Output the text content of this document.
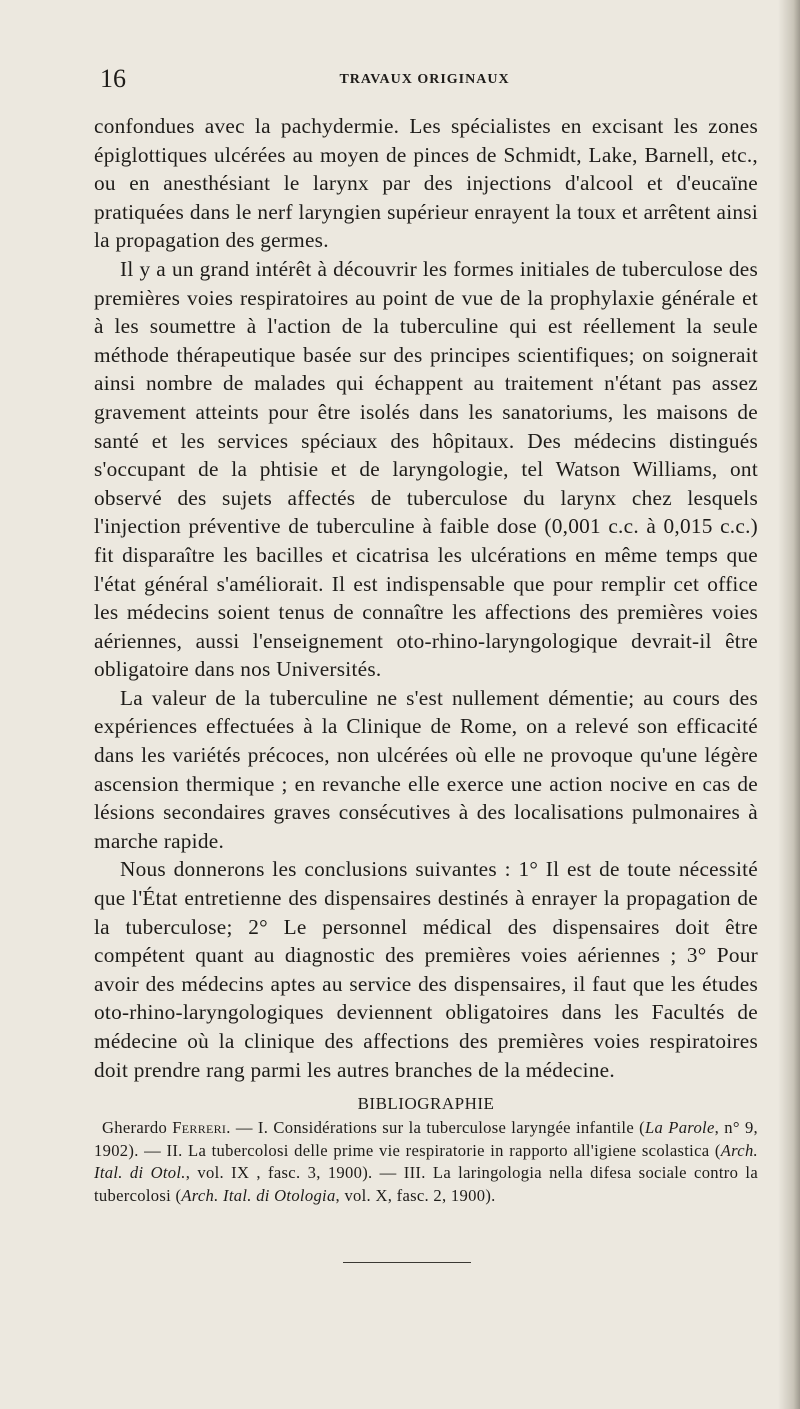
16	TRAVAUX ORIGINAUX

confondues avec la pachydermie. Les spécialistes en excisant les zones épiglottiques ulcérées au moyen de pinces de Schmidt, Lake, Barnell, etc., ou en anesthésiant le larynx par des injections d'alcool et d'eucaïne pratiquées dans le nerf laryngien supérieur enrayent la toux et arrêtent ainsi la propagation des germes.

Il y a un grand intérêt à découvrir les formes initiales de tuberculose des premières voies respiratoires au point de vue de la prophylaxie générale et à les soumettre à l'action de la tuberculine qui est réellement la seule méthode thérapeutique basée sur des principes scientifiques; on soignerait ainsi nombre de malades qui échappent au traitement n'étant pas assez gravement atteints pour être isolés dans les sanatoriums, les maisons de santé et les services spéciaux des hôpitaux. Des médecins distingués s'occupant de la phtisie et de laryngologie, tel Watson Williams, ont observé des sujets affectés de tuberculose du larynx chez lesquels l'injection préventive de tuberculine à faible dose (0,001 c.c. à 0,015 c.c.) fit disparaître les bacilles et cicatrisa les ulcérations en même temps que l'état général s'améliorait. Il est indispensable que pour remplir cet office les médecins soient tenus de connaître les affections des premières voies aériennes, aussi l'enseignement oto-rhino-laryngologique devrait-il être obligatoire dans nos Universités.

La valeur de la tuberculine ne s'est nullement démentie; au cours des expériences effectuées à la Clinique de Rome, on a relevé son efficacité dans les variétés précoces, non ulcérées où elle ne provoque qu'une légère ascension thermique ; en revanche elle exerce une action nocive en cas de lésions secondaires graves consécutives à des localisations pulmonaires à marche rapide.

Nous donnerons les conclusions suivantes : 1° Il est de toute nécessité que l'État entretienne des dispensaires destinés à enrayer la propagation de la tuberculose; 2° Le personnel médical des dispensaires doit être compétent quant au diagnostic des premières voies aériennes ; 3° Pour avoir des médecins aptes au service des dispensaires, il faut que les études oto-rhino-laryngologiques deviennent obligatoires dans les Facultés de médecine où la clinique des affections des premières voies respiratoires doit prendre rang parmi les autres branches de la médecine.

BIBLIOGRAPHIE

Gherardo Ferreri. — I. Considérations sur la tuberculose laryngée infantile (La Parole, n° 9, 1902). — II. La tubercolosi delle prime vie respiratorie in rapporto all'igiene scolastica (Arch. Ital. di Otol., vol. IX , fasc. 3, 1900). — III. La laringologia nella difesa sociale contro la tubercolosi (Arch. Ital. di Otologia, vol. X, fasc. 2, 1900).
